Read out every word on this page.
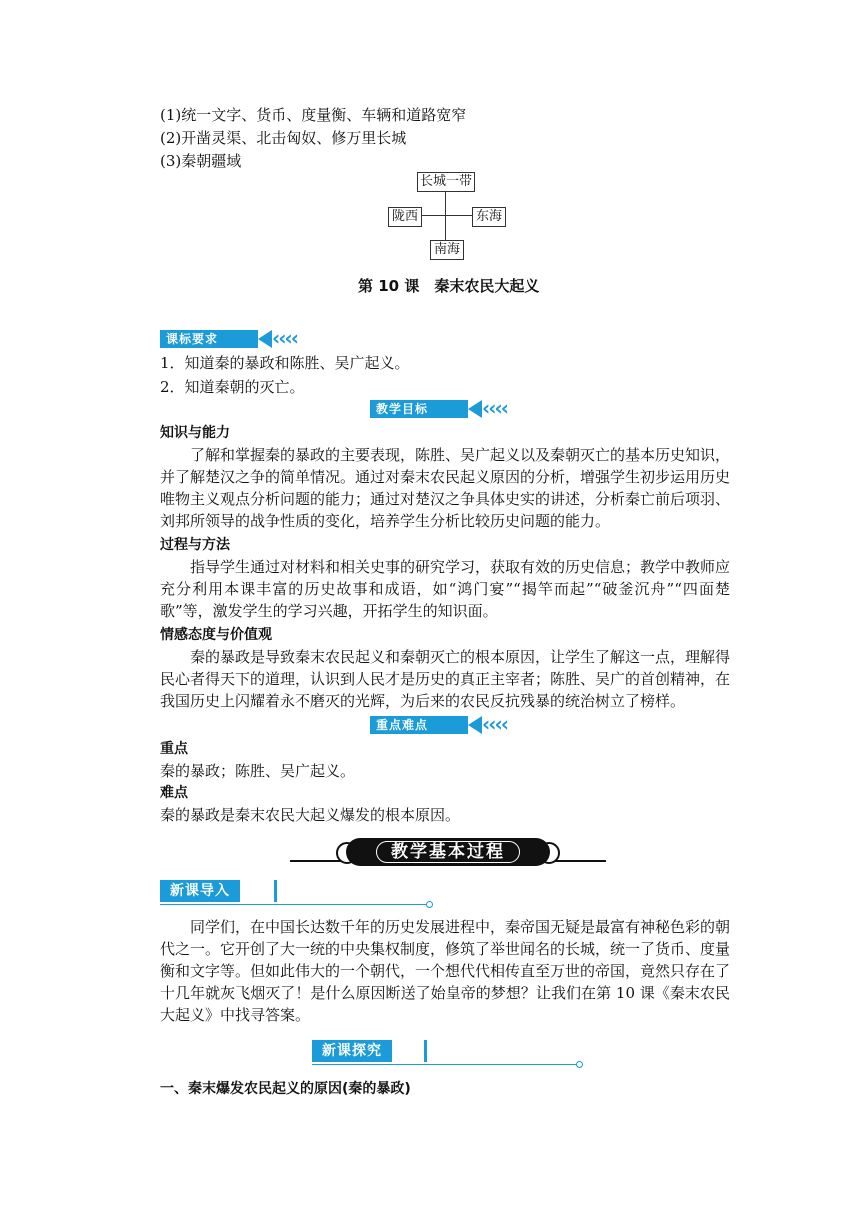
(1)统一文字、货币、度量衡、车辆和道路宽窄
(2)开凿灵渠、北击匈奴、修万里长城
(3)秦朝疆域
长城一带
陇西	东海
南海
第 10 课　秦末农民大起义
课标要求	‹‹‹‹
1．知道秦的暴政和陈胜、吴广起义。
2．知道秦朝的灭亡。
教学目标	‹‹‹‹
知识与能力
了解和掌握秦的暴政的主要表现，陈胜、吴广起义以及秦朝灭亡的基本历史知识，并了解楚汉之争的简单情况。通过对秦末农民起义原因的分析，增强学生初步运用历史唯物主义观点分析问题的能力；通过对楚汉之争具体史实的讲述，分析秦亡前后项羽、刘邦所领导的战争性质的变化，培养学生分析比较历史问题的能力。
过程与方法
指导学生通过对材料和相关史事的研究学习，获取有效的历史信息；教学中教师应充分利用本课丰富的历史故事和成语，如“鸿门宴”“揭竿而起”“破釜沉舟”“四面楚歌”等，激发学生的学习兴趣，开拓学生的知识面。
情感态度与价值观
秦的暴政是导致秦末农民起义和秦朝灭亡的根本原因，让学生了解这一点，理解得民心者得天下的道理，认识到人民才是历史的真正主宰者；陈胜、吴广的首创精神，在我国历史上闪耀着永不磨灭的光辉，为后来的农民反抗残暴的统治树立了榜样。
重点难点	‹‹‹‹
重点
秦的暴政；陈胜、吴广起义。
难点
秦的暴政是秦末农民大起义爆发的根本原因。
教学基本过程
新课导入
同学们，在中国长达数千年的历史发展进程中，秦帝国无疑是最富有神秘色彩的朝代之一。它开创了大一统的中央集权制度，修筑了举世闻名的长城，统一了货币、度量衡和文字等。但如此伟大的一个朝代，一个想代代相传直至万世的帝国，竟然只存在了十几年就灰飞烟灭了！是什么原因断送了始皇帝的梦想？让我们在第 10 课《秦末农民大起义》中找寻答案。
新课探究
一、秦末爆发农民起义的原因(秦的暴政)
